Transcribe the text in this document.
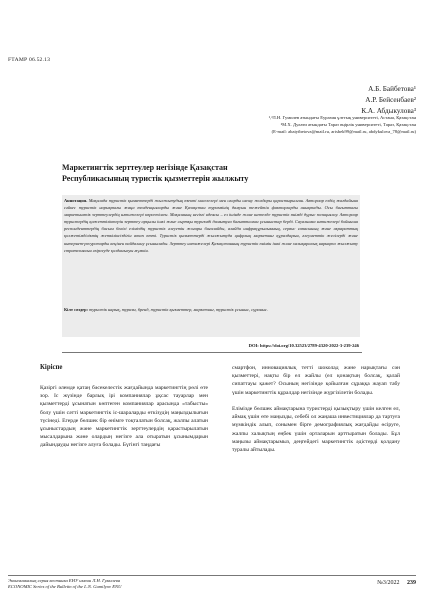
FТАМР 06.52.13
А.Б. Байбетова¹
А.Р. Бейсенбаев²
К.А. Абдыкулова³
¹,³Л.Н. Гумилев атындағы Еуразия ұлттық университеті, Астана, Қазақстан
²М.Х. Дулати атындағы Тараз өңірлік университеті, Тараз, Қазақстан
(E-mail: abaiytbetova@mail.ru, arisbek99@mail.ru, abdykulova_78@mail.ru)
Маркетингтік зерттеулер негізінде Қазақстан
Республикасының туристік қызметтерін жылжыту
Аннотация. Мақалада туристік қызметтерді жылжытудың өзекті мәселелері мен оларды шешу жолдары қарастырылған. Авторлар елдің жағдайына сәйкес туристік нарықтағы жаңа тенденцияларды және Қазақстан туризмінің дамуын тежейтін факторларды анықтады. Осы бағыттағы маркетингтік зерттеулердің нәтижелері көрсетілген. Мақаланың негізгі идеясы – ел ішінде және шетелде туристік өнімді дұрыс позициялау. Авторлар туристердің қажеттіліктерін зерттеу арқылы ішкі және сыртқы туризмді дамытуға бағытталған ұсыныстар берді. Сауалнама нәтижелері бойынша респонденттердің басым бөлігі еліміздің туристік әлеуетін жоғары бағалайды, алайда инфрақұрылымның, сервис сапасының және ақпараттық қолжетімділіктің жеткіліксіздігін атап өтті. Туристік қызметтерді жылжытуда цифрлық маркетинг құралдарын, әлеуметтік желілерді және интернет-ресурстарды кеңінен пайдалану ұсынылады. Зерттеу нәтижелері Қазақстанның туристік өнімін ішкі және халықаралық нарықта жылжыту стратегиясын әзірлеуде қолданылуы мүмкін.
Кілт сөздер: туристік нарық, туризм, бренд, туристік қызметтер, маркетинг, туристік ұсыныс, сұраныс.
DOI: https://doi.org/10.32523/2789-4320-2022-3-239-246
Кіріспе
Қазіргі әлемде қатаң бәсекелестік жағдайында маркетингтің рөлі өте зор. Іс жүзінде барлық ірі компаниялар ұқсас тауарлар мен қызметтерді ұсынатын көптеген компаниялар арасында «табысты» болу үшін сәтті маркетингтік іс-шараларды өткізудің маңыздылығын түсінеді. Егерде бөлшек бір өнімге тоқталатын болсақ, жалпы алатын ұсыныстардың және маркетингтік зерттеулердің қарастырылатын мысалдарына және олардың негізге ала отыратын ұсынымдарын дайындауды негізге алуға болады. Бүгінгі таңдағы
смартфон, инновациялық тетті шоколад және нарықтағы сән қызметтері, нақты бір ел жайлы (ел қонақтың болсақ, қалай сипаттауы қажет? Осының негізінде қойылған сұраққа жауап табу үшін маркетингтік құралдар негізінде жүргізілетін болады.

Елімізде бөлшек аймақтарына туристерді қызықтыру үшін келген ел, аймақ үшін өте маңызды, себебі ол жаңаша инвестициялар да тартуға мүмкіндік алып, сонымен бірге демографиялық жағдайды өсіруге, жалпы халықтың еңбек үшін орталарын арттыратын болады. Бұл маңызы аймақтарымыз, деңгейдегі маркетингтік әдістерді қолдану туралы айтылады.
Экономикалық серия вестника ЕНУ имени Л.Н. Гумилева
ECONOMIC Series of the Bulletin of the L.N. Gumilyov ENU
№3/2022 239
